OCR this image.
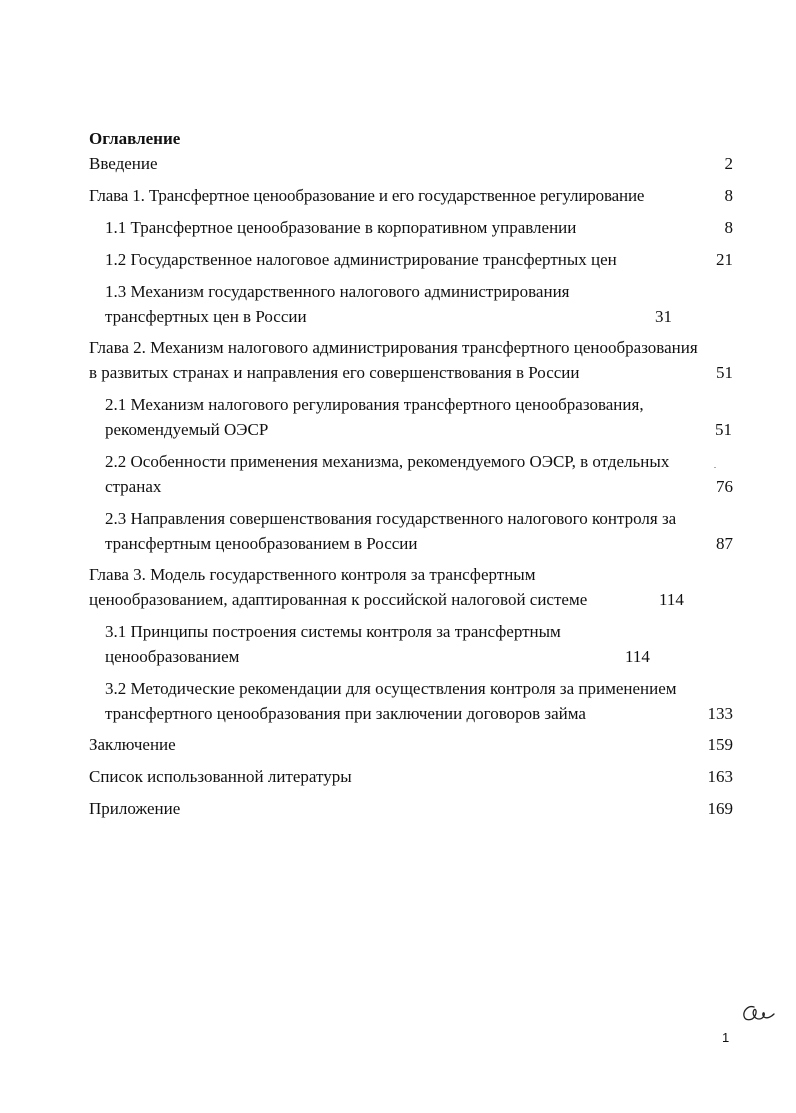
Оглавление
Введение	2
Глава 1. Трансфертное ценообразование и его государственное регулирование	8
1.1 Трансфертное ценообразование в корпоративном управлении	8
1.2 Государственное налоговое администрирование трансфертных цен	21
1.3 Механизм государственного налогового администрирования трансфертных цен в России	31
Глава 2. Механизм налогового администрирования трансфертного ценообразования в развитых странах и направления его совершенствования в России	51
2.1 Механизм налогового регулирования трансфертного ценообразования, рекомендуемый ОЭСР	51
2.2 Особенности применения механизма, рекомендуемого ОЭСР, в отдельных странах	76
2.3 Направления совершенствования государственного налогового контроля за трансфертным ценообразованием в России	87
Глава 3. Модель государственного контроля за трансфертным ценообразованием, адаптированная к российской налоговой системе	114
3.1 Принципы построения системы контроля за трансфертным ценообразованием	114
3.2 Методические рекомендации для осуществления контроля за применением трансфертного ценообразования при заключении договоров займа	133
Заключение	159
Список использованной литературы	163
Приложение	169
1
